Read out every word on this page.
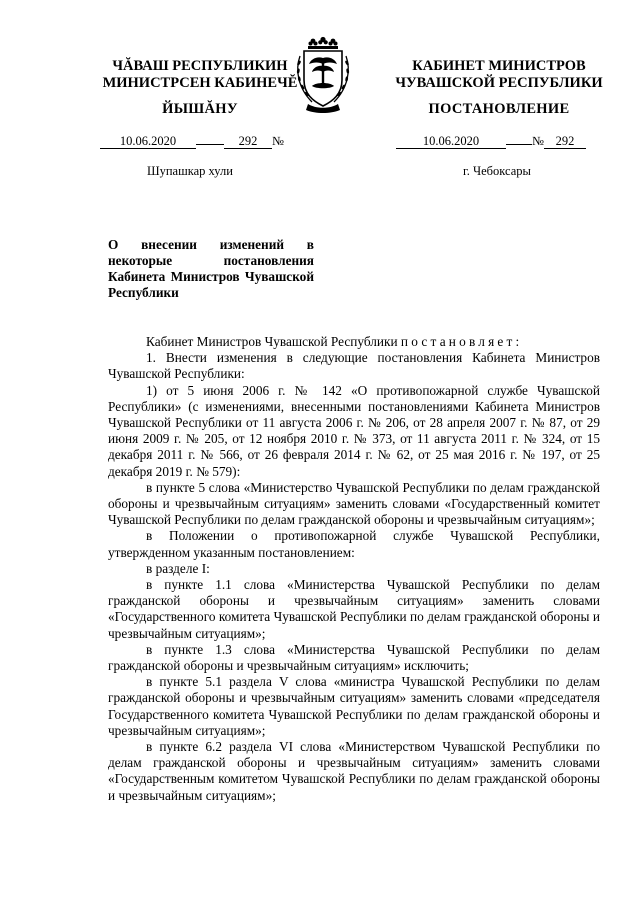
ЧĂВАШ РЕСПУБЛИКИН
МИНИСТРСЕН КАБИНЕЧĔ
ЙЫШĂНУ
КАБИНЕТ МИНИСТРОВ
ЧУВАШСКОЙ РЕСПУБЛИКИ
ПОСТАНОВЛЕНИЕ
10.06.2020	292 №	10.06.2020	№ 292
Шупашкар хули	г. Чебоксары
О внесении изменений в некоторые постановления Кабинета Министров Чувашской Республики

Кабинет Министров Чувашской Республики постановляет:

1. Внести изменения в следующие постановления Кабинета Министров Чувашской Республики:

1) от 5 июня 2006 г. № 142 «О противопожарной службе Чувашской Республики» (с изменениями, внесенными постановлениями Кабинета Министров Чувашской Республики от 11 августа 2006 г. № 206, от 28 апреля 2007 г. № 87, от 29 июня 2009 г. № 205, от 12 ноября 2010 г. № 373, от 11 августа 2011 г. № 324, от 15 декабря 2011 г. № 566, от 26 февраля 2014 г. № 62, от 25 мая 2016 г. № 197, от 25 декабря 2019 г. № 579):

в пункте 5 слова «Министерство Чувашской Республики по делам гражданской обороны и чрезвычайным ситуациям» заменить словами «Государственный комитет Чувашской Республики по делам гражданской обороны и чрезвычайным ситуациям»;

в Положении о противопожарной службе Чувашской Республики, утвержденном указанным постановлением:

в разделе I:

в пункте 1.1 слова «Министерства Чувашской Республики по делам гражданской обороны и чрезвычайным ситуациям» заменить словами «Государственного комитета Чувашской Республики по делам гражданской обороны и чрезвычайным ситуациям»;

в пункте 1.3 слова «Министерства Чувашской Республики по делам гражданской обороны и чрезвычайным ситуациям» исключить;

в пункте 5.1 раздела V слова «министра Чувашской Республики по делам гражданской обороны и чрезвычайным ситуациям» заменить словами «председателя Государственного комитета Чувашской Республики по делам гражданской обороны и чрезвычайным ситуациям»;

в пункте 6.2 раздела VI слова «Министерством Чувашской Республики по делам гражданской обороны и чрезвычайным ситуациям» заменить словами «Государственным комитетом Чувашской Республики по делам гражданской обороны и чрезвычайным ситуациям»;
